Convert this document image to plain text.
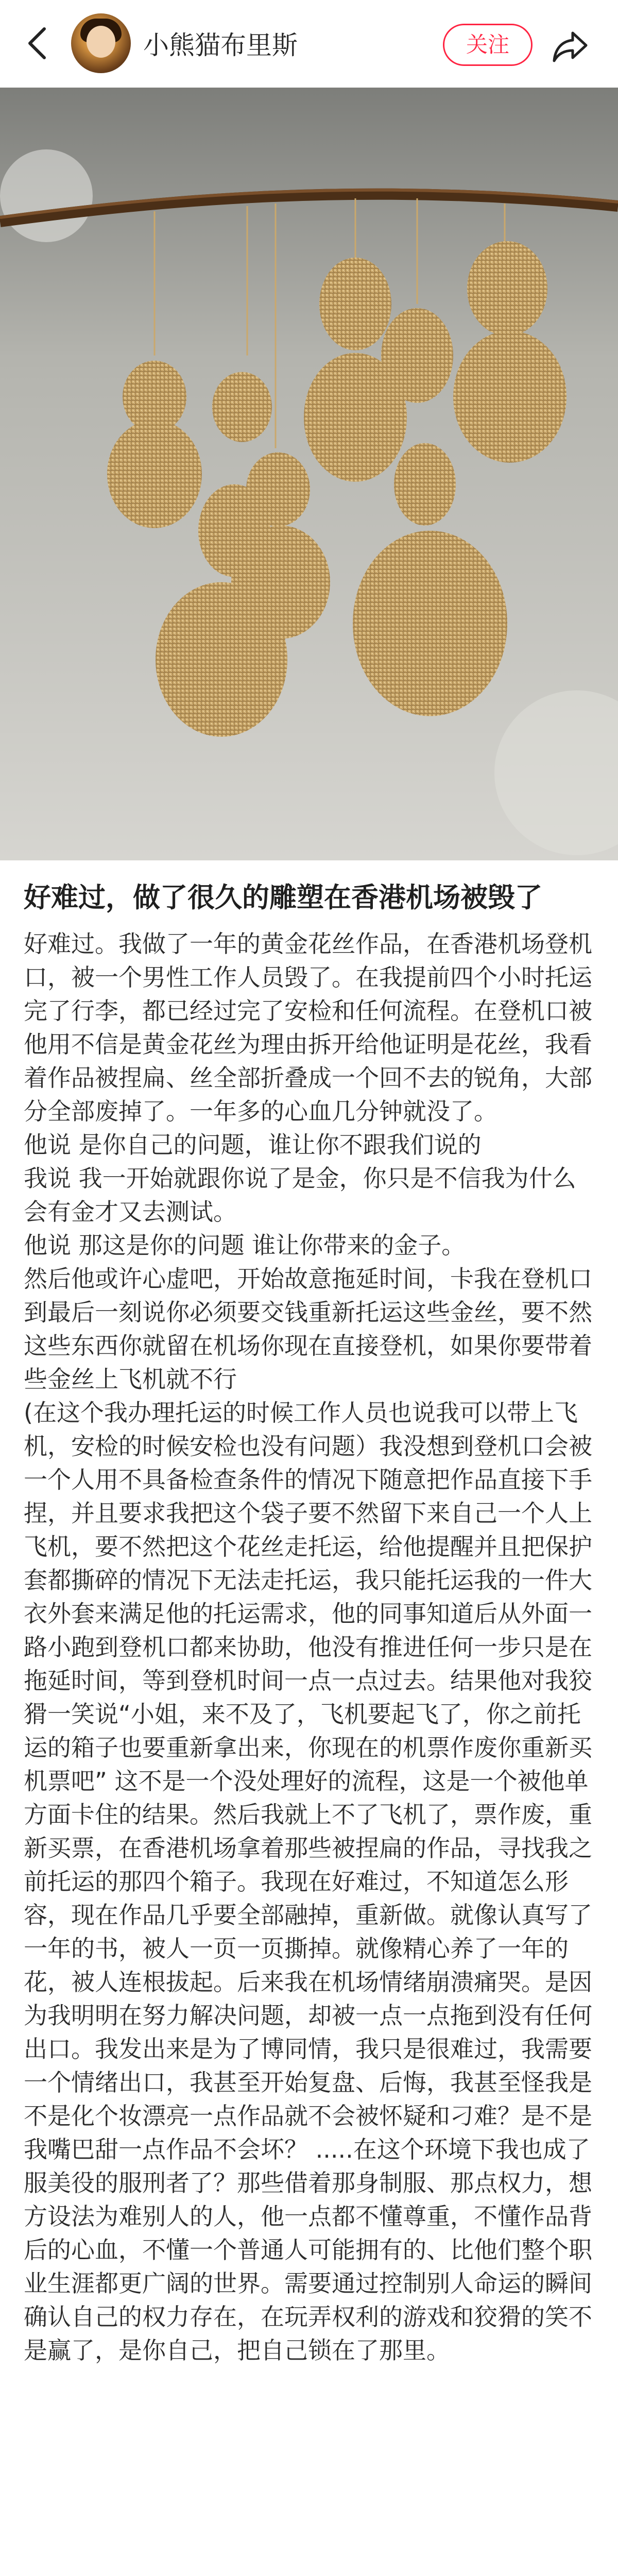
小熊猫布里斯	关注
好难过，做了很久的雕塑在香港机场被毁了

好难过。我做了一年的黄金花丝作品，在香港机场登机口，被一个男性工作人员毁了。在我提前四个小时托运完了行李，都已经过完了安检和任何流程。在登机口被他用不信是黄金花丝为理由拆开给他证明是花丝，我看着作品被捏扁、丝全部折叠成一个回不去的锐角，大部分全部废掉了。一年多的心血几分钟就没了。

他说 是你自己的问题，谁让你不跟我们说的

我说 我一开始就跟你说了是金，你只是不信我为什么会有金才又去测试。

他说 那这是你的问题 谁让你带来的金子。

然后他或许心虚吧，开始故意拖延时间，卡我在登机口到最后一刻说你必须要交钱重新托运这些金丝，要不然这些东西你就留在机场你现在直接登机，如果你要带着些金丝上飞机就不行

(在这个我办理托运的时候工作人员也说我可以带上飞机，安检的时候安检也没有问题）我没想到登机口会被一个人用不具备检查条件的情况下随意把作品直接下手捏，并且要求我把这个袋子要不然留下来自己一个人上飞机，要不然把这个花丝走托运，给他提醒并且把保护套都撕碎的情况下无法走托运，我只能托运我的一件大衣外套来满足他的托运需求，他的同事知道后从外面一路小跑到登机口都来协助，他没有推进任何一步只是在拖延时间，等到登机时间一点一点过去。结果他对我狡猾一笑说“小姐，来不及了，飞机要起飞了，你之前托运的箱子也要重新拿出来，你现在的机票作废你重新买机票吧” 这不是一个没处理好的流程，这是一个被他单方面卡住的结果。然后我就上不了飞机了，票作废，重新买票，在香港机场拿着那些被捏扁的作品，寻找我之前托运的那四个箱子。我现在好难过，不知道怎么形容，现在作品几乎要全部融掉，重新做。就像认真写了一年的书，被人一页一页撕掉。就像精心养了一年的花，被人连根拔起。后来我在机场情绪崩溃痛哭。是因为我明明在努力解决问题，却被一点一点拖到没有任何出口。我发出来是为了博同情，我只是很难过，我需要一个情绪出口，我甚至开始复盘、后悔，我甚至怪我是不是化个妆漂亮一点作品就不会被怀疑和刁难？是不是我嘴巴甜一点作品不会坏？ .....在这个环境下我也成了服美役的服刑者了？那些借着那身制服、那点权力，想方设法为难别人的人，他一点都不懂尊重，不懂作品背后的心血，不懂一个普通人可能拥有的、比他们整个职业生涯都更广阔的世界。需要通过控制别人命运的瞬间确认自己的权力存在，在玩弄权利的游戏和狡猾的笑不是赢了，是你自己，把自己锁在了那里。
